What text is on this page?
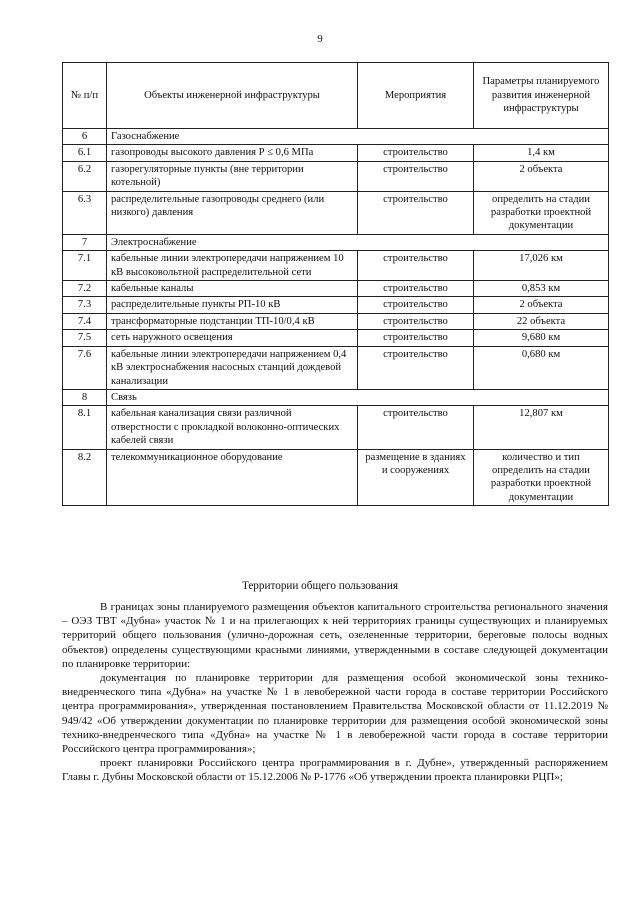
9
№ п/п	Объекты инженерной инфраструктуры	Мероприятия	Параметры планируемого развития инженерной инфраструктуры
6	Газоснабжение		
6.1	газопроводы высокого давления Р ≤ 0,6 МПа	строительство	1,4 км
6.2	газорегуляторные пункты (вне территории котельной)	строительство	2 объекта
6.3	распределительные газопроводы среднего (или низкого) давления	строительство	определить на стадии разработки проектной документации
7	Электроснабжение		
7.1	кабельные линии электропередачи напряжением 10 кВ высоковольтной распределительной сети	строительство	17,026 км
7.2	кабельные каналы	строительство	0,853 км
7.3	распределительные пункты РП-10 кВ	строительство	2 объекта
7.4	трансформаторные подстанции ТП-10/0,4 кВ	строительство	22 объекта
7.5	сеть наружного освещения	строительство	9,680 км
7.6	кабельные линии электропередачи напряжением 0,4 кВ электроснабжения насосных станций дождевой канализации	строительство	0,680 км
8	Связь		
8.1	кабельная канализация связи различной отверстности с прокладкой волоконно-оптических кабелей связи	строительство	12,807 км
8.2	телекоммуникационное оборудование	размещение в зданиях и сооружениях	количество и тип определить на стадии разработки проектной документации
Территории общего пользования

В границах зоны планируемого размещения объектов капитального строительства регионального значения – ОЭЗ ТВТ «Дубна» участок № 1 и на прилегающих к ней территориях границы существующих и планируемых территорий общего пользования (улично-дорожная сеть, озелененные территории, береговые полосы водных объектов) определены существующими красными линиями, утвержденными в составе следующей документации по планировке территории:

документация по планировке территории для размещения особой экономической зоны технико-внедренческого типа «Дубна» на участке № 1 в левобережной части города в составе территории Российского центра программирования», утвержденная постановлением Правительства Московской области от 11.12.2019 № 949/42 «Об утверждении документации по планировке территории для размещения особой экономической зоны технико-внедренческого типа «Дубна» на участке № 1 в левобережной части города в составе территории Российского центра программирования»;

проект планировки Российского центра программирования в г. Дубне», утвержденный распоряжением Главы г. Дубны Московской области от 15.12.2006 № Р-1776 «Об утверждении проекта планировки РЦП»;
